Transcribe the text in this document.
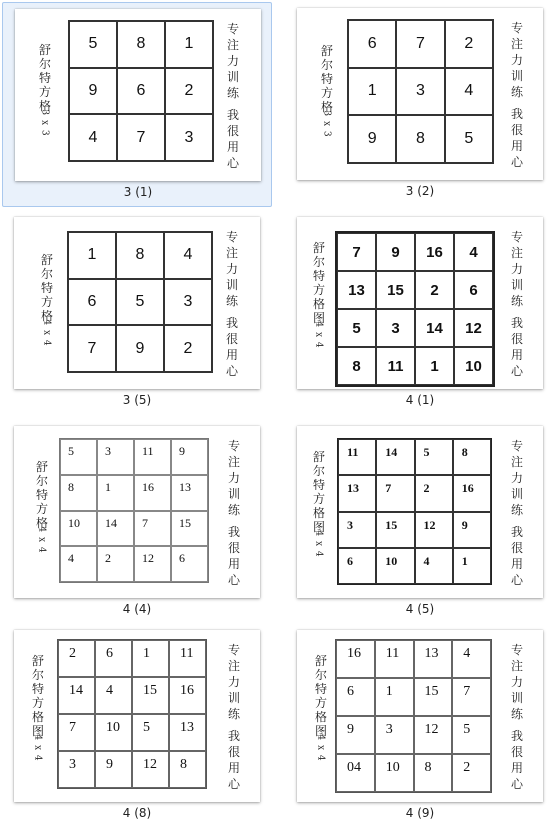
舒
尔
特
方
格
3 x 3
5	8	1
9	6	2
4	7	3
专
注
力
训
练
我
很
用
心
3 (1)
舒
尔
特
方
格
3 x 3
6	7	2
1	3	4
9	8	5
专
注
力
训
练
我
很
用
心
3 (2)
舒
尔
特
方
格
4 x 4
1	8	4
6	5	3
7	9	2
专
注
力
训
练
我
很
用
心
3 (5)
舒
尔
特
方
格
图
4 x 4
7	9	16	4
13	15	2	6
5	3	14	12
8	11	1	10
专
注
力
训
练
我
很
用
心
4 (1)
舒
尔
特
方
格
4 x 4
5	3	11	9
8	1	16	13
10	14	7	15
4	2	12	6
专
注
力
训
练
我
很
用
心
4 (4)
舒
尔
特
方
格
图
4 x 4
11	14	5	8
13	7	2	16
3	15	12	9
6	10	4	1
专
注
力
训
练
我
很
用
心
4 (5)
舒
尔
特
方
格
图
4 x 4
2	6	1	11
14	4	15	16
7	10	5	13
3	9	12	8
专
注
力
训
练
我
很
用
心
4 (8)
舒
尔
特
方
格
图
4 x 4
16	11	13	4
6	1	15	7
9	3	12	5
04	10	8	2
专
注
力
训
练
我
很
用
心
4 (9)
